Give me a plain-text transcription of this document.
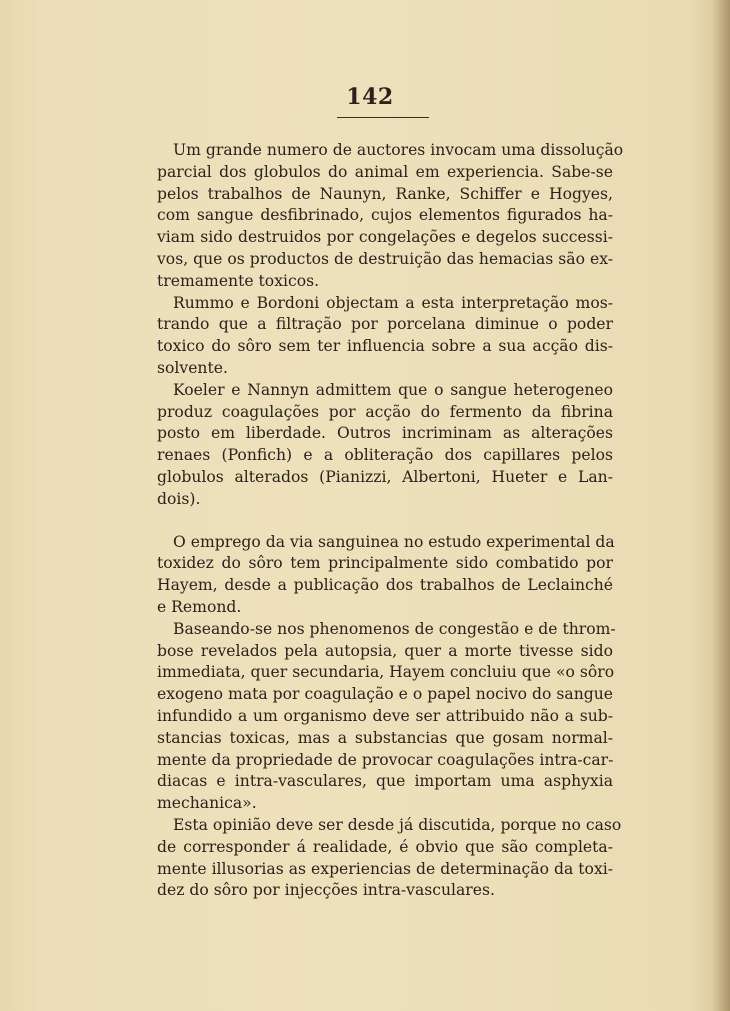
142
Um grande numero de auctores invocam uma dissolução
parcial dos globulos do animal em experiencia. Sabe-se
pelos trabalhos de Naunyn, Ranke, Schiffer e Hogyes,
com sangue desfibrinado, cujos elementos figurados ha-
viam sido destruidos por congelações e degelos successi-
vos, que os productos de destruição das hemacias são ex-
tremamente toxicos.
Rummo e Bordoni objectam a esta interpretação mos-
trando que a filtração por porcelana diminue o poder
toxico do sôro sem ter influencia sobre a sua acção dis-
solvente.
Koeler e Nannyn admittem que o sangue heterogeneo
produz coagulações por acção do fermento da fibrina
posto em liberdade. Outros incriminam as alterações
renaes (Ponfich) e a obliteração dos capillares pelos
globulos alterados (Pianizzi, Albertoni, Hueter e Lan-
dois).
O emprego da via sanguinea no estudo experimental da
toxidez do sôro tem principalmente sido combatido por
Hayem, desde a publicação dos trabalhos de Leclainché
e Remond.
Baseando-se nos phenomenos de congestão e de throm-
bose revelados pela autopsia, quer a morte tivesse sido
immediata, quer secundaria, Hayem concluiu que «o sôro
exogeno mata por coagulação e o papel nocivo do sangue
infundido a um organismo deve ser attribuido não a sub-
stancias toxicas, mas a substancias que gosam normal-
mente da propriedade de provocar coagulações intra-car-
diacas e intra-vasculares, que importam uma asphyxia
mechanica».
Esta opinião deve ser desde já discutida, porque no caso
de corresponder á realidade, é obvio que são completa-
mente illusorias as experiencias de determinação da toxi-
dez do sôro por injecções intra-vasculares.
